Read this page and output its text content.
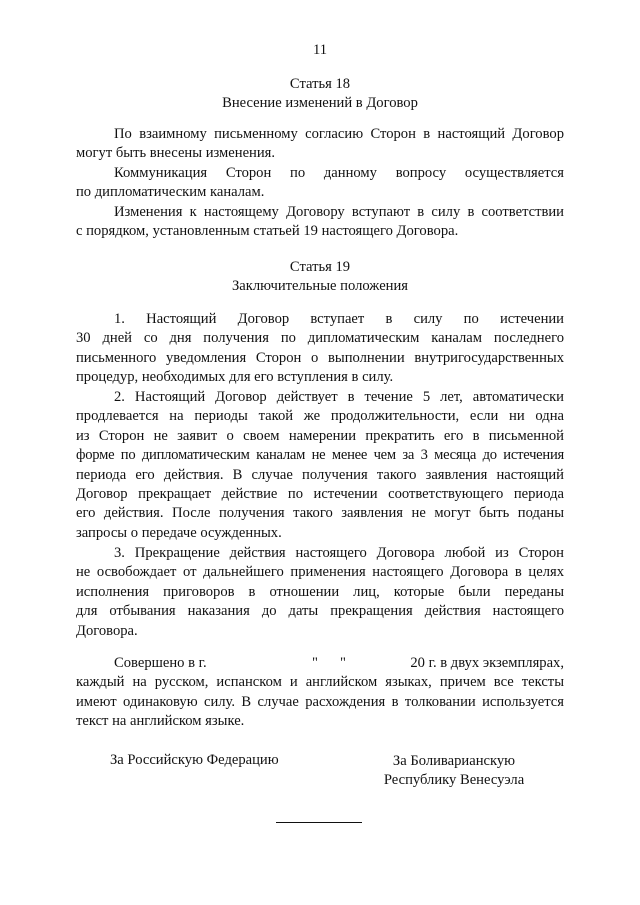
11
Статья 18
Внесение изменений в Договор
По взаимному письменному согласию Сторон в настоящий Договор
могут быть внесены изменения.
Коммуникация Сторон по данному вопросу осуществляется
по дипломатическим каналам.
Изменения к настоящему Договору вступают в силу в соответствии
с порядком, установленным статьей 19 настоящего Договора.
Статья 19
Заключительные положения
1. Настоящий Договор вступает в силу по истечении
30 дней со дня получения по дипломатическим каналам последнего
письменного уведомления Сторон о выполнении внутригосударственных
процедур, необходимых для его вступления в силу.
2. Настоящий Договор действует в течение 5 лет, автоматически
продлевается на периоды такой же продолжительности, если ни одна
из Сторон не заявит о своем намерении прекратить его в письменной
форме по дипломатическим каналам не менее чем за 3 месяца до истечения
периода его действия. В случае получения такого заявления настоящий
Договор прекращает действие по истечении соответствующего периода
его действия. После получения такого заявления не могут быть поданы
запросы о передаче осужденных.
3. Прекращение действия настоящего Договора любой из Сторон
не освобождает от дальнейшего применения настоящего Договора в целях
исполнения приговоров в отношении лиц, которые были переданы
для отбывания наказания до даты прекращения действия настоящего
Договора.
Совершено в г.	" "	20 г. в двух экземплярах,
каждый на русском, испанском и английском языках, причем все тексты
имеют одинаковую силу. В случае расхождения в толковании используется
текст на английском языке.
За Российскую Федерацию	За Боливарианскую
Республику Венесуэла
